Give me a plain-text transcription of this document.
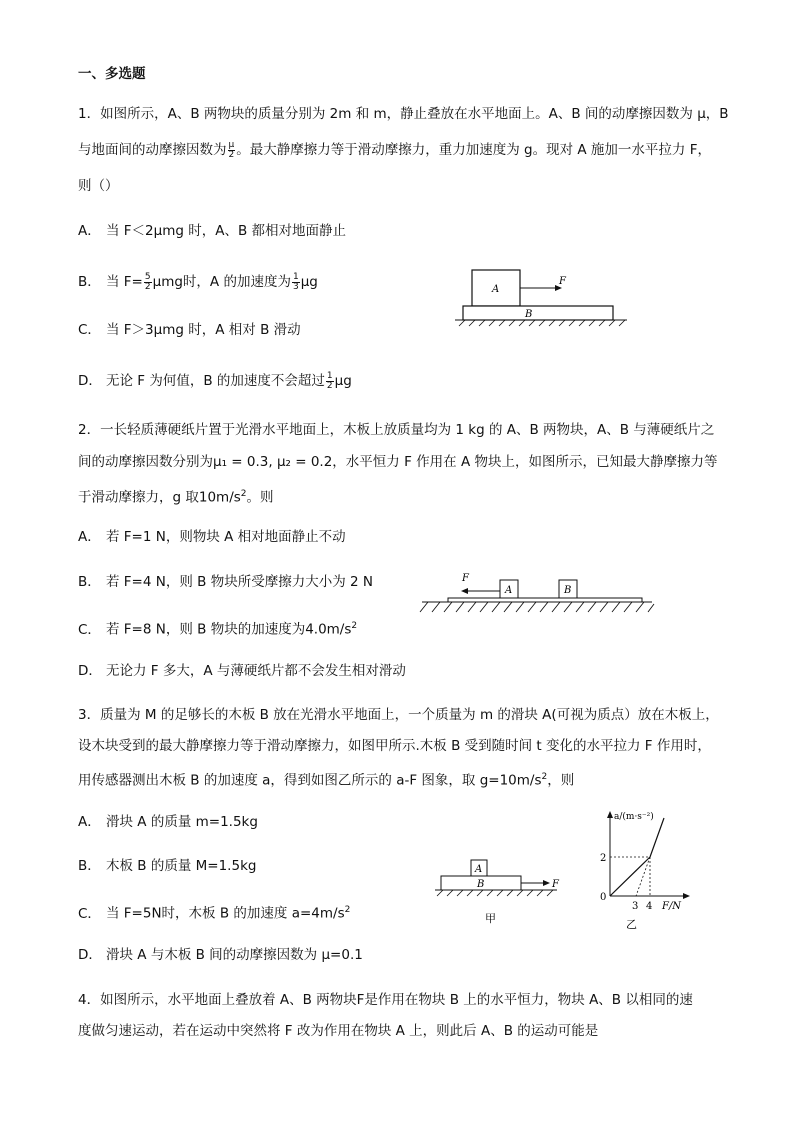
一、多选题
1．如图所示，A、B 两物块的质量分别为 2m 和 m，静止叠放在水平地面上。A、B 间的动摩擦因数为 μ，B
与地面间的动摩擦因数为 $\frac{\mu}{2}$ 。最大静摩擦力等于滑动摩擦力，重力加速度为 g。现对 A 施加一水平拉力 F，
则（）
A． 当 F＜2μmg 时，A、B 都相对地面静止
B． 当 $F= \frac{5}{2}$ μmg时，A 的加速度为 $\frac{1}{3}$ μg
C． 当 F＞3μmg 时，A 相对 B 滑动
D． 无论 F 为何值，B 的加速度不会超过 $\frac{1}{2}$ μg
A
F
B
2．一长轻质薄硬纸片置于光滑水平地面上，木板上放质量均为 1 kg 的 A、B 两物块，A、B 与薄硬纸片之
间的动摩擦因数分别为μ₁ = 0.3, μ₂ = 0.2，水平恒力 F 作用在 A 物块上，如图所示，已知最大静摩擦力等
于滑动摩擦力，g 取$10m/s^2$。则
A． 若 F=1 N，则物块 A 相对地面静止不动
B． 若 F=4 N，则 B 物块所受摩擦力大小为 2 N
C． 若 F=8 N，则 B 物块的加速度为$4.0m/s^2$
D． 无论力 F 多大，A 与薄硬纸片都不会发生相对滑动
F
A	B
3．质量为 M 的足够长的木板 B 放在光滑水平地面上，一个质量为 m 的滑块 A(可视为质点）放在木板上，
设木块受到的最大静摩擦力等于滑动摩擦力，如图甲所示.木板 B 受到随时间 t 变化的水平拉力 F 作用时，
用传感器测出木板 B 的加速度 a，得到如图乙所示的 a-F 图象，取 $g=10m/s^2$，则
A． 滑块 A 的质量 m=1.5kg
B． 木板 B 的质量 M=1.5kg
C． 当 F=5N时，木板 B 的加速度 $a=4m/s^2$
D． 滑块 A 与木板 B 间的动摩擦因数为 μ=0.1
A
B	F
甲
a/(m·s⁻²)
F/N
0
2
3 4
乙
4．如图所示，水平地面上叠放着 A、B 两物块F是作用在物块 B 上的水平恒力，物块 A、B 以相同的速
度做匀速运动，若在运动中突然将 F 改为作用在物块 A 上，则此后 A、B 的运动可能是
